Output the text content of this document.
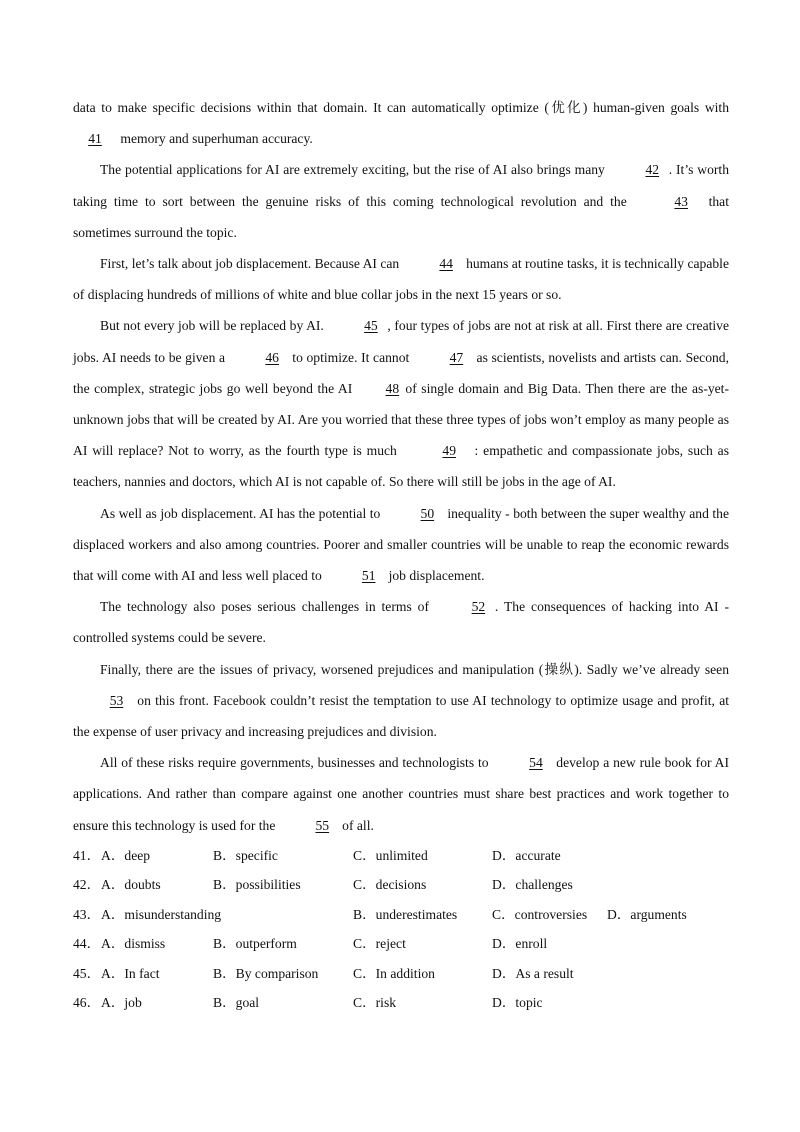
data to make specific decisions within that domain. It can automatically optimize (优化) human-given goals with 41 memory and superhuman accuracy.

The potential applications for AI are extremely exciting, but the rise of AI also brings many	42 . It’s worth taking time to sort between the genuine risks of this coming technological revolution and the	43 that sometimes surround the topic.

First, let’s talk about job displacement. Because AI can	44 humans at routine tasks, it is technically capable of displacing hundreds of millions of white and blue collar jobs in the next 15 years or so.

But not every job will be replaced by AI.	45 , four types of jobs are not at risk at all. First there are creative jobs. AI needs to be given a	46 to optimize. It cannot	47 as scientists, novelists and artists can. Second, the complex, strategic jobs go well beyond the AI 48 of single domain and Big Data. Then there are the as-yet-unknown jobs that will be created by AI. Are you worried that these three types of jobs won’t employ as many people as AI will replace? Not to worry, as the fourth type is much	49 : empathetic and compassionate jobs, such as teachers, nannies and doctors, which AI is not capable of. So there will still be jobs in the age of AI.

As well as job displacement. AI has the potential to	50 inequality - both between the super wealthy and the displaced workers and also among countries. Poorer and smaller countries will be unable to reap the economic rewards that will come with AI and less well placed to	51 job displacement.

The technology also poses serious challenges in terms of	52 . The consequences of hacking into AI - controlled systems could be severe.

Finally, there are the issues of privacy, worsened prejudices and manipulation (操纵). Sadly we’ve already seen 53 on this front. Facebook couldn’t resist the temptation to use AI technology to optimize usage and profit, at the expense of user privacy and increasing prejudices and division.

All of these risks require governments, businesses and technologists to	54 develop a new rule book for AI applications. And rather than compare against one another countries must share best practices and work together to ensure this technology is used for the	55 of all.

41． A．deep	B．specific	C．unlimited	D．accurate
42． A．doubts	B．possibilities	C．decisions	D．challenges
43． A．misunderstanding	B．underestimates	C．controversies D．arguments
44． A．dismiss	B．outperform	C．reject	D．enroll
45． A．In fact	B．By comparison	C．In addition	D．As a result
46． A．job	B．goal	C．risk	D．topic
